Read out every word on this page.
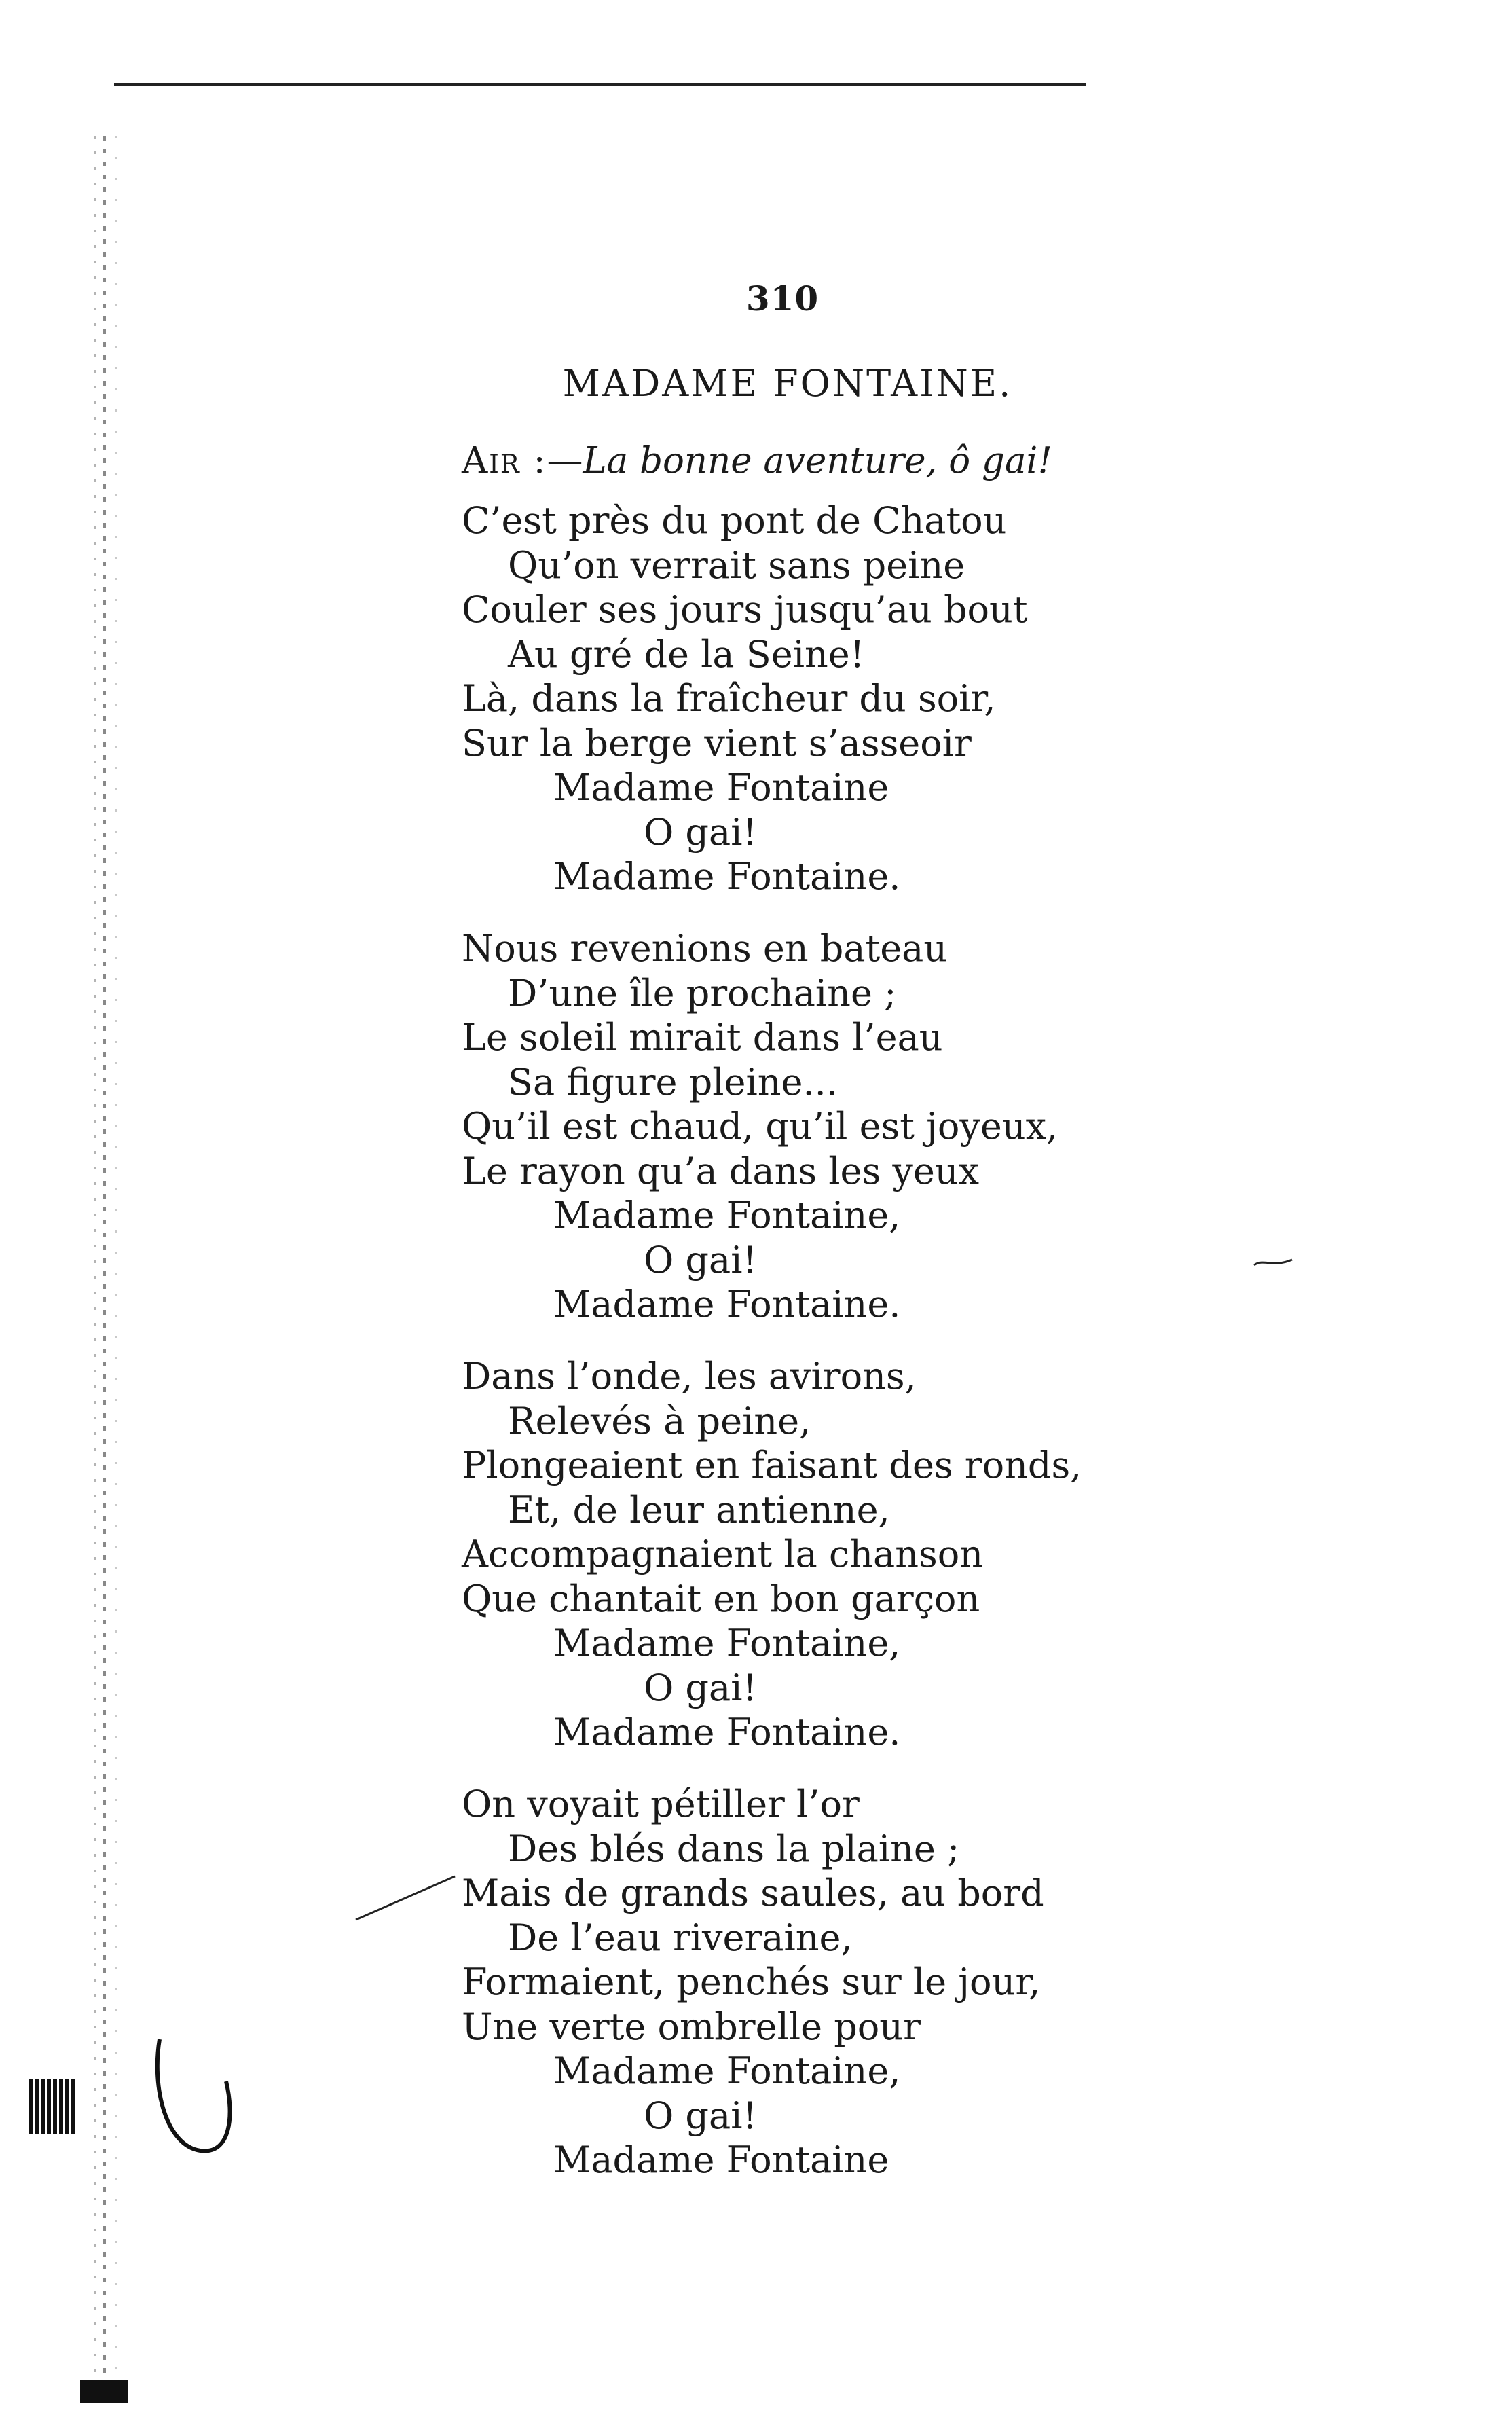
310
MADAME FONTAINE.
Air :—La bonne aventure, ô gai!
C’est près du pont de Chatou
Qu’on verrait sans peine
Couler ses jours jusqu’au bout
Au gré de la Seine!
Là, dans la fraîcheur du soir,
Sur la berge vient s’asseoir
Madame Fontaine
O gai!
Madame Fontaine.
Nous revenions en bateau
D’une île prochaine ;
Le soleil mirait dans l’eau
Sa figure pleine...
Qu’il est chaud, qu’il est joyeux,
Le rayon qu’a dans les yeux
Madame Fontaine,
O gai!
Madame Fontaine.
Dans l’onde, les avirons,
Relevés à peine,
Plongeaient en faisant des ronds,
Et, de leur antienne,
Accompagnaient la chanson
Que chantait en bon garçon
Madame Fontaine,
O gai!
Madame Fontaine.
On voyait pétiller l’or
Des blés dans la plaine ;
Mais de grands saules, au bord
De l’eau riveraine,
Formaient, penchés sur le jour,
Une verte ombrelle pour
Madame Fontaine,
O gai!
Madame Fontaine
